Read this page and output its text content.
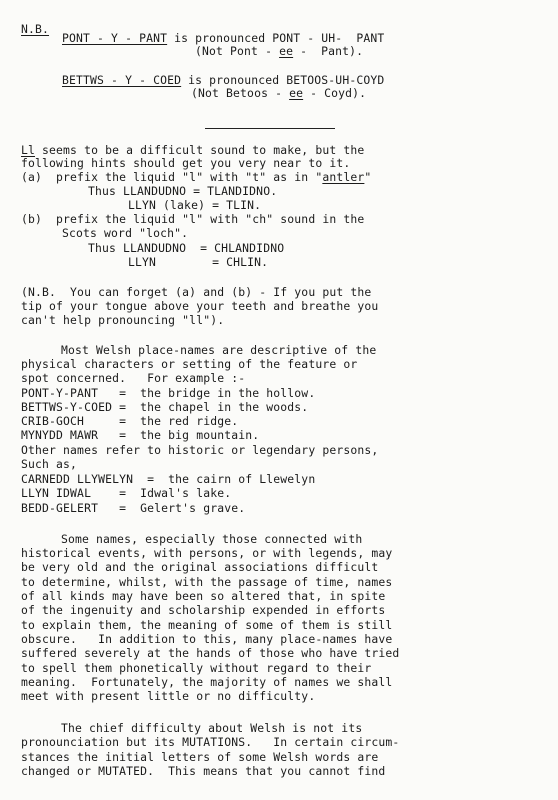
N.B.
PONT - Y - PANT is pronounced PONT - UH-  PANT
(Not Pont - ee -  Pant).
BETTWS - Y - COED is pronounced BETOOS-UH-COYD
(Not Betoos - ee - Coyd).
Ll seems to be a difficult sound to make, but the
following hints should get you very near to it.
(a)  prefix the liquid "l" with "t" as in "antler"
Thus LLANDUDNO = TLANDIDNO.
LLYN (lake) = TLIN.
(b)  prefix the liquid "l" with "ch" sound in the
Scots word "loch".
Thus LLANDUDNO  = CHLANDIDNO
LLYN        = CHLIN.
(N.B.  You can forget (a) and (b) - If you put the
tip of your tongue above your teeth and breathe you
can't help pronouncing "ll").
Most Welsh place-names are descriptive of the
physical characters or setting of the feature or
spot concerned.   For example :-
PONT-Y-PANT   =  the bridge in the hollow.
BETTWS-Y-COED =  the chapel in the woods.
CRIB-GOCH     =  the red ridge.
MYNYDD MAWR   =  the big mountain.
Other names refer to historic or legendary persons,
Such as,
CARNEDD LLYWELYN  =  the cairn of Llewelyn
LLYN IDWAL    =  Idwal's lake.
BEDD-GELERT   =  Gelert's grave.
Some names, especially those connected with
historical events, with persons, or with legends, may
be very old and the original associations difficult
to determine, whilst, with the passage of time, names
of all kinds may have been so altered that, in spite
of the ingenuity and scholarship expended in efforts
to explain them, the meaning of some of them is still
obscure.   In addition to this, many place-names have
suffered severely at the hands of those who have tried
to spell them phonetically without regard to their
meaning.  Fortunately, the majority of names we shall
meet with present little or no difficulty.
The chief difficulty about Welsh is not its
pronounciation but its MUTATIONS.   In certain circum-
stances the initial letters of some Welsh words are
changed or MUTATED.  This means that you cannot find
